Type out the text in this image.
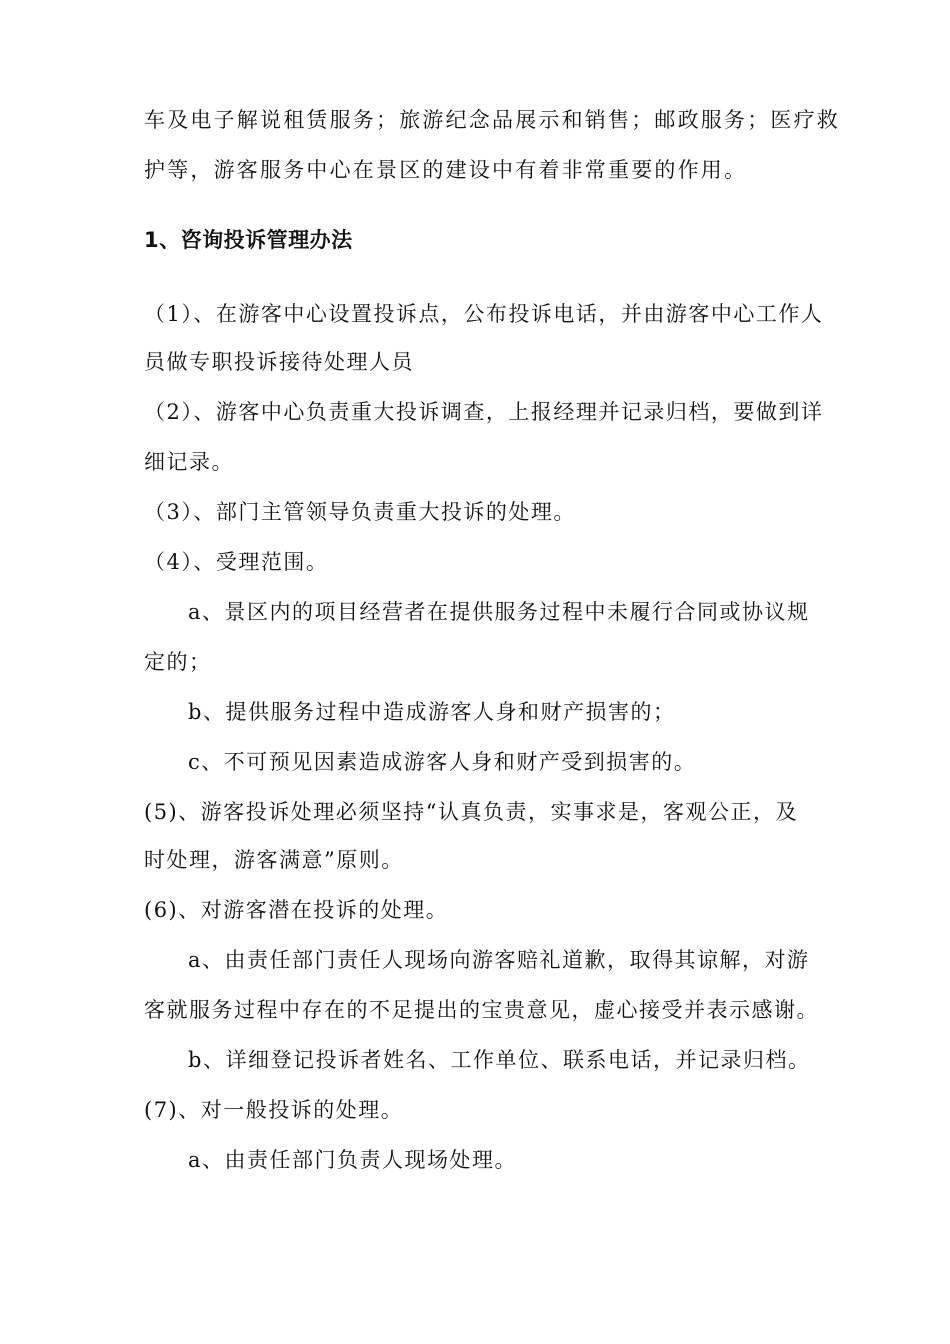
车及电子解说租赁服务；旅游纪念品展示和销售；邮政服务；医疗救
护等，游客服务中心在景区的建设中有着非常重要的作用。
1、咨询投诉管理办法
（1）、在游客中心设置投诉点，公布投诉电话，并由游客中心工作人
员做专职投诉接待处理人员
（2）、游客中心负责重大投诉调查，上报经理并记录归档，要做到详
细记录。
（3）、部门主管领导负责重大投诉的处理。
（4）、受理范围。
a、景区内的项目经营者在提供服务过程中未履行合同或协议规
定的；
b、提供服务过程中造成游客人身和财产损害的；
c、不可预见因素造成游客人身和财产受到损害的。
(5)、游客投诉处理必须坚持“认真负责，实事求是，客观公正，及
时处理，游客满意”原则。
(6)、对游客潜在投诉的处理。
a、由责任部门责任人现场向游客赔礼道歉，取得其谅解，对游
客就服务过程中存在的不足提出的宝贵意见，虚心接受并表示感谢。
b、详细登记投诉者姓名、工作单位、联系电话，并记录归档。
(7)、对一般投诉的处理。
a、由责任部门负责人现场处理。
